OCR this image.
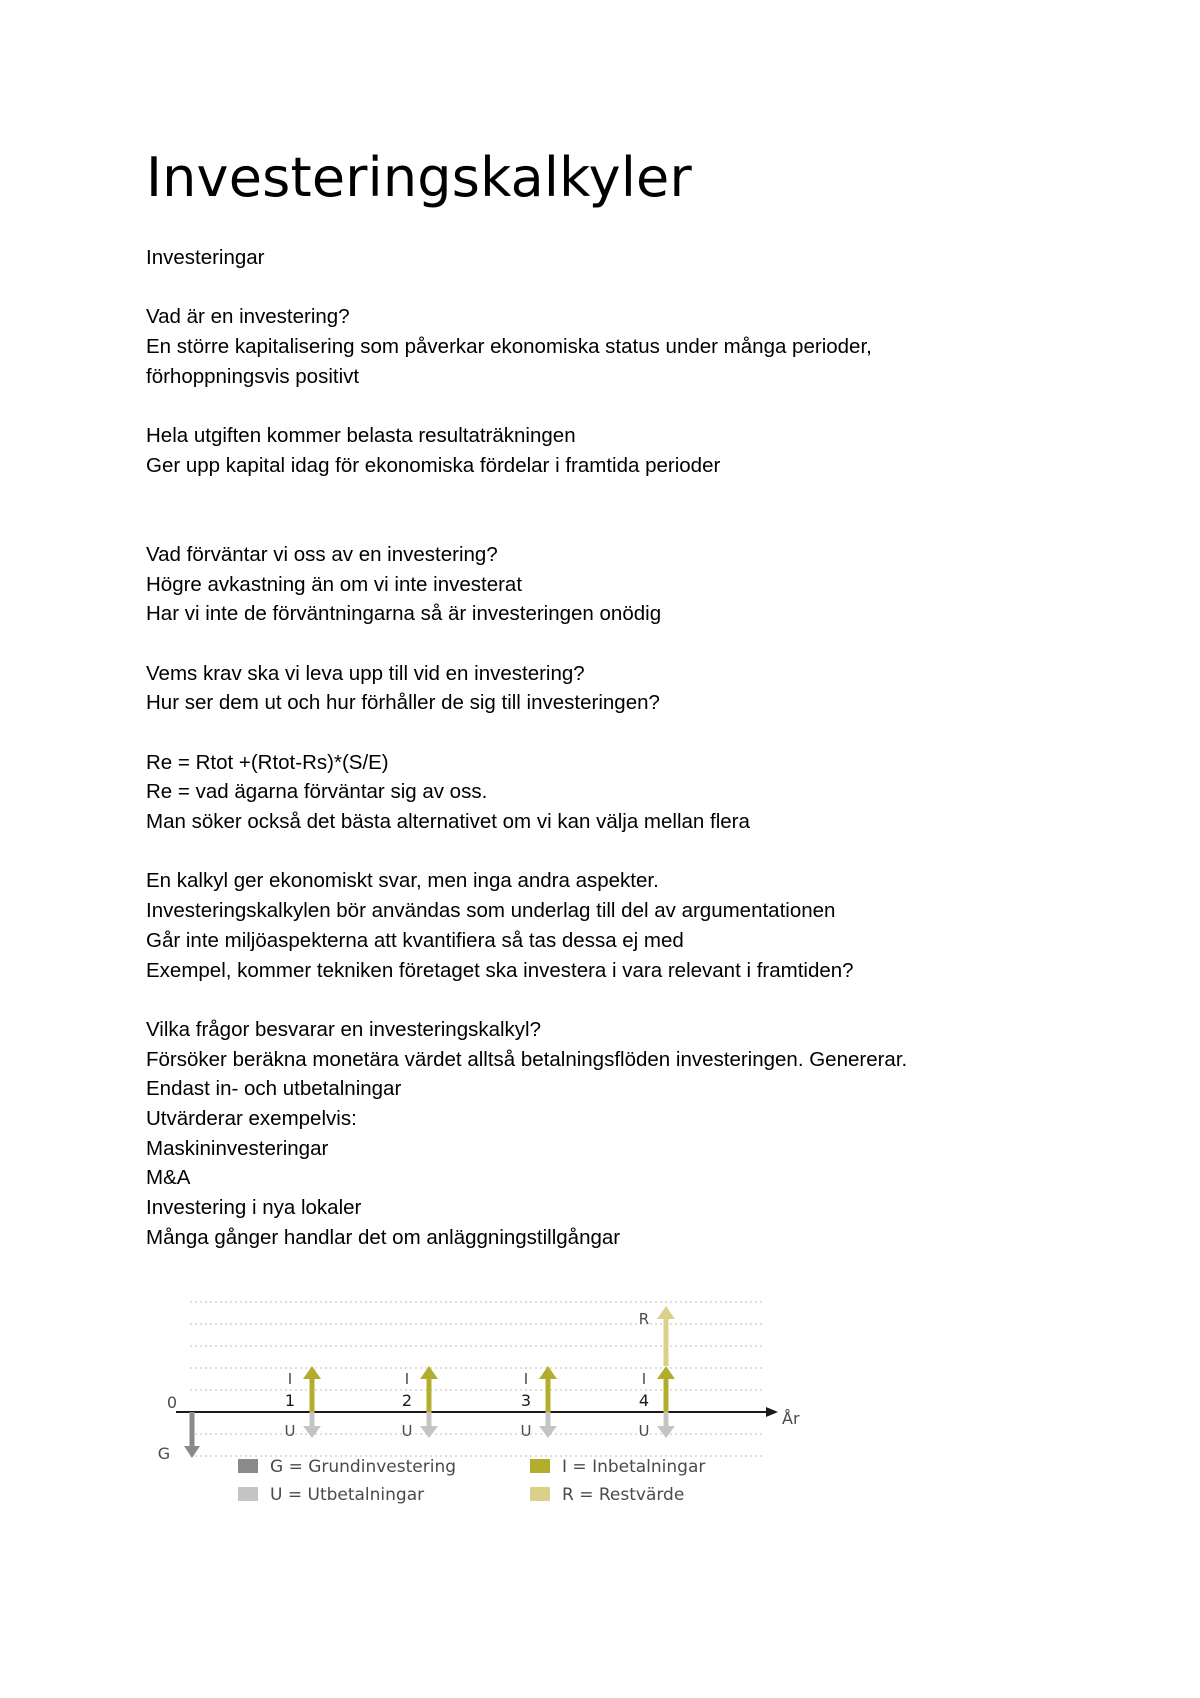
Investeringskalkyler
Investeringar
Vad är en investering?
En större kapitalisering som påverkar ekonomiska status under många perioder,
förhoppningsvis positivt
Hela utgiften kommer belasta resultaträkningen
Ger upp kapital idag för ekonomiska fördelar i framtida perioder
Vad förväntar vi oss av en investering?
Högre avkastning än om vi inte investerat
Har vi inte de förväntningarna så är investeringen onödig
Vems krav ska vi leva upp till vid en investering?
Hur ser dem ut och hur förhåller de sig till investeringen?
Re = Rtot +(Rtot-Rs)*(S/E)
Re = vad ägarna förväntar sig av oss.
Man söker också det bästa alternativet om vi kan välja mellan flera
En kalkyl ger ekonomiskt svar, men inga andra aspekter.
Investeringskalkylen bör användas som underlag till del av argumentationen
Går inte miljöaspekterna att kvantifiera så tas dessa ej med
Exempel, kommer tekniken företaget ska investera i vara relevant i framtiden?
Vilka frågor besvarar en investeringskalkyl?
Försöker beräkna monetära värdet alltså betalningsflöden investeringen. Genererar.
Endast in- och utbetalningar
Utvärderar exempelvis:
Maskininvesteringar
M&A
Investering i nya lokaler
Många gånger handlar det om anläggningstillgångar
År
0
G
1
I
U
2
I
U
3
I
U
4
I
U
R
G = Grundinvestering	I = Inbetalningar
U = Utbetalningar	R = Restvärde
